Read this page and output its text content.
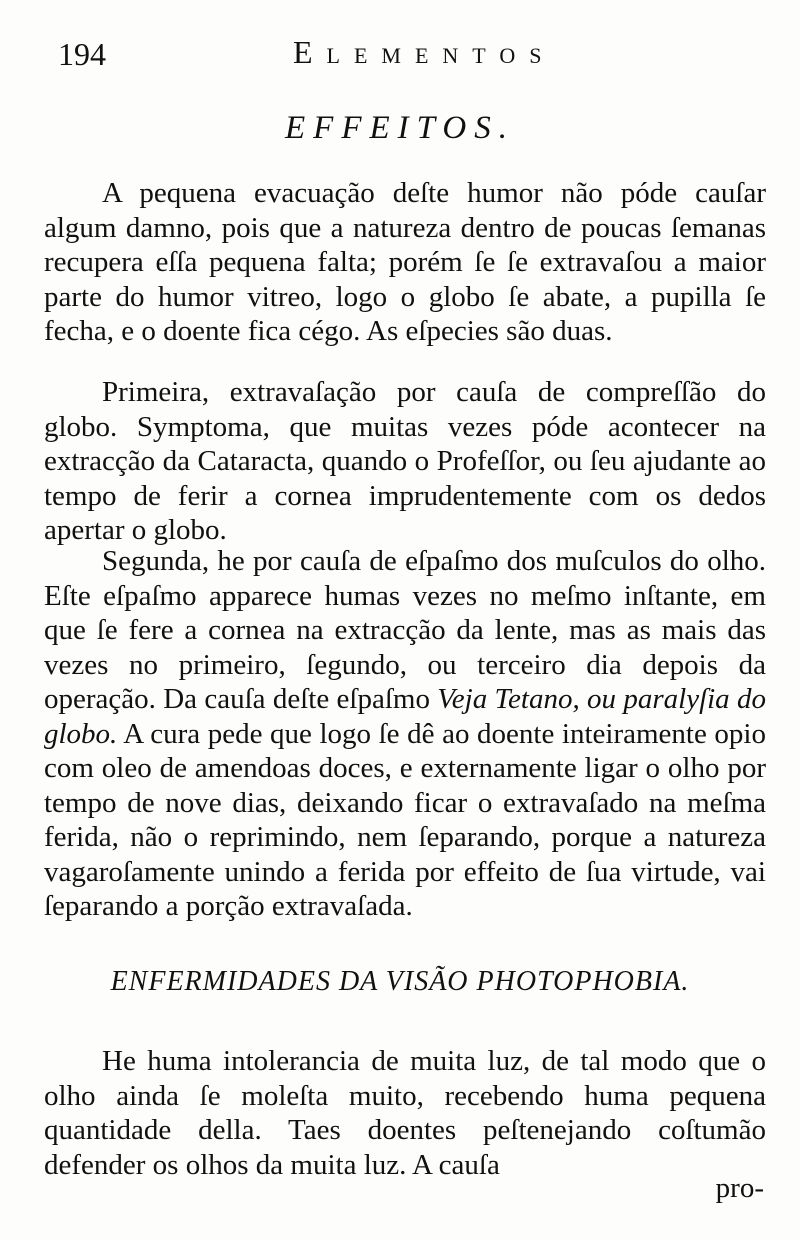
194	Elementos
EFFEITOS.

A pequena evacuação deſte humor não póde cauſar algum damno, pois que a natureza dentro de poucas ſemanas recupera eſſa pequena falta; porém ſe ſe extravaſou a maior parte do humor vitreo, logo o globo ſe abate, a pupilla ſe fecha, e o doente fica cégo. As eſpecies são duas.

Primeira, extravaſação por cauſa de compreſſão do globo. Symptoma, que muitas vezes póde acontecer na extracção da Cataracta, quando o Profeſſor, ou ſeu ajudante ao tempo de ferir a cornea imprudentemente com os dedos apertar o globo.

Segunda, he por cauſa de eſpaſmo dos muſculos do olho. Eſte eſpaſmo apparece humas vezes no meſmo inſtante, em que ſe fere a cornea na extracção da lente, mas as mais das vezes no primeiro, ſegundo, ou terceiro dia depois da operação. Da cauſa deſte eſpaſmo Veja Tetano, ou paralyſia do globo. A cura pede que logo ſe dê ao doente inteiramente opio com oleo de amendoas doces, e externamente ligar o olho por tempo de nove dias, deixando ficar o extravaſado na meſma ferida, não o reprimindo, nem ſeparando, porque a natureza vagaroſamente unindo a ferida por effeito de ſua virtude, vai ſeparando a porção extravaſada.

ENFERMIDADES DA VISÃO PHOTOPHOBIA.

He huma intolerancia de muita luz, de tal modo que o olho ainda ſe moleſta muito, recebendo huma pequena quantidade della. Taes doentes peſtenejando coſtumão defender os olhos da muita luz. A cauſa

pro-
